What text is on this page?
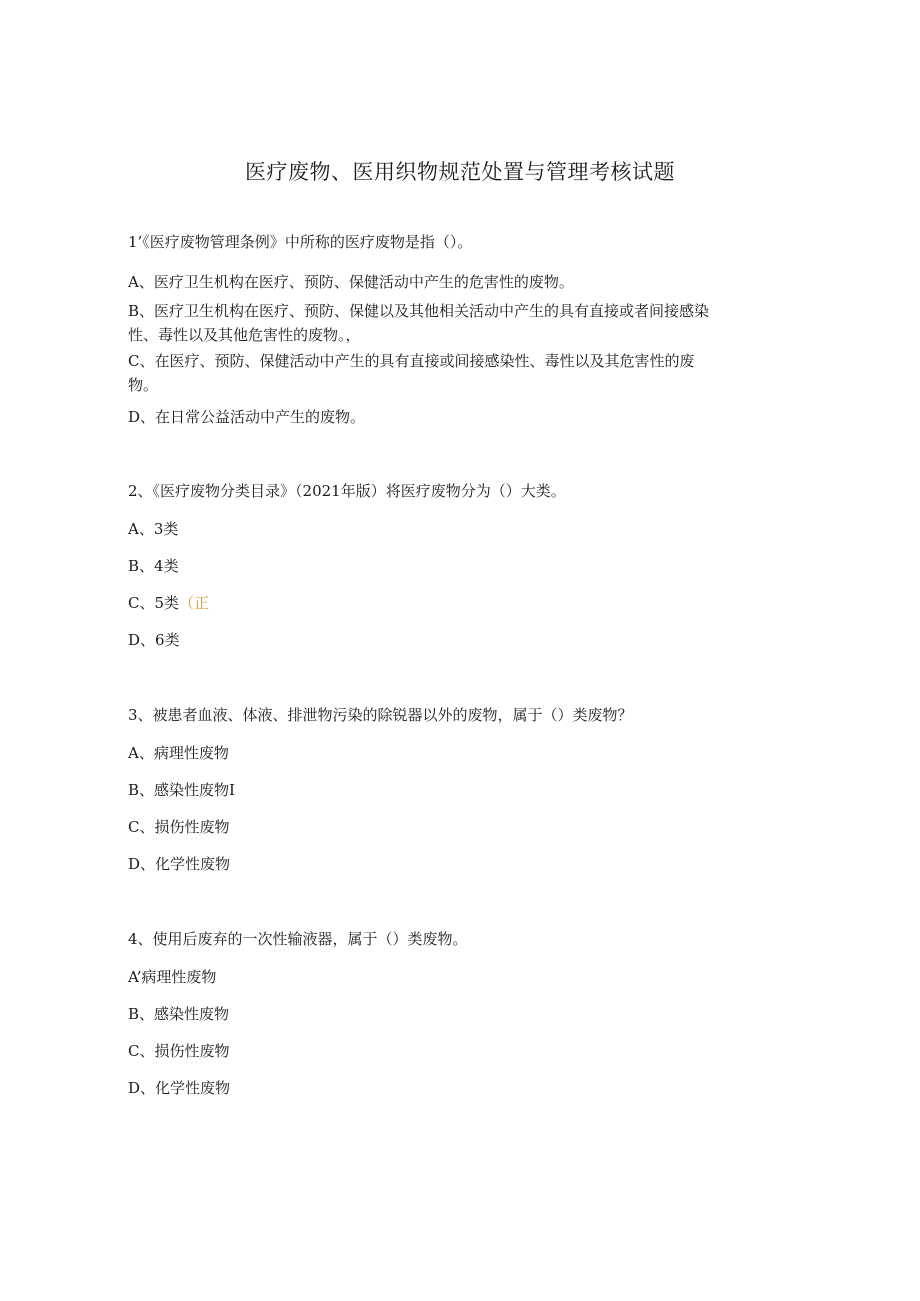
医疗废物、医用织物规范处置与管理考核试题
1’《医疗废物管理条例》中所称的医疗废物是指（）。
A、医疗卫生机构在医疗、预防、保健活动中产生的危害性的废物。
B、医疗卫生机构在医疗、预防、保健以及其他相关活动中产生的具有直接或者间接感染
性、毒性以及其他危害性的废物。，
C、在医疗、预防、保健活动中产生的具有直接或间接感染性、毒性以及其危害性的废
物。
D、在日常公益活动中产生的废物。
2、《医疗废物分类目录》（2021年版）将医疗废物分为（）大类。
A、3类
B、4类
C、5类（正
D、6类
3、被患者血液、体液、排泄物污染的除锐器以外的废物，属于（）类废物？
A、病理性废物
B、感染性废物I
C、损伤性废物
D、化学性废物
4、使用后废弃的一次性输液器，属于（）类废物。
A’病理性废物
B、感染性废物
C、损伤性废物
D、化学性废物
